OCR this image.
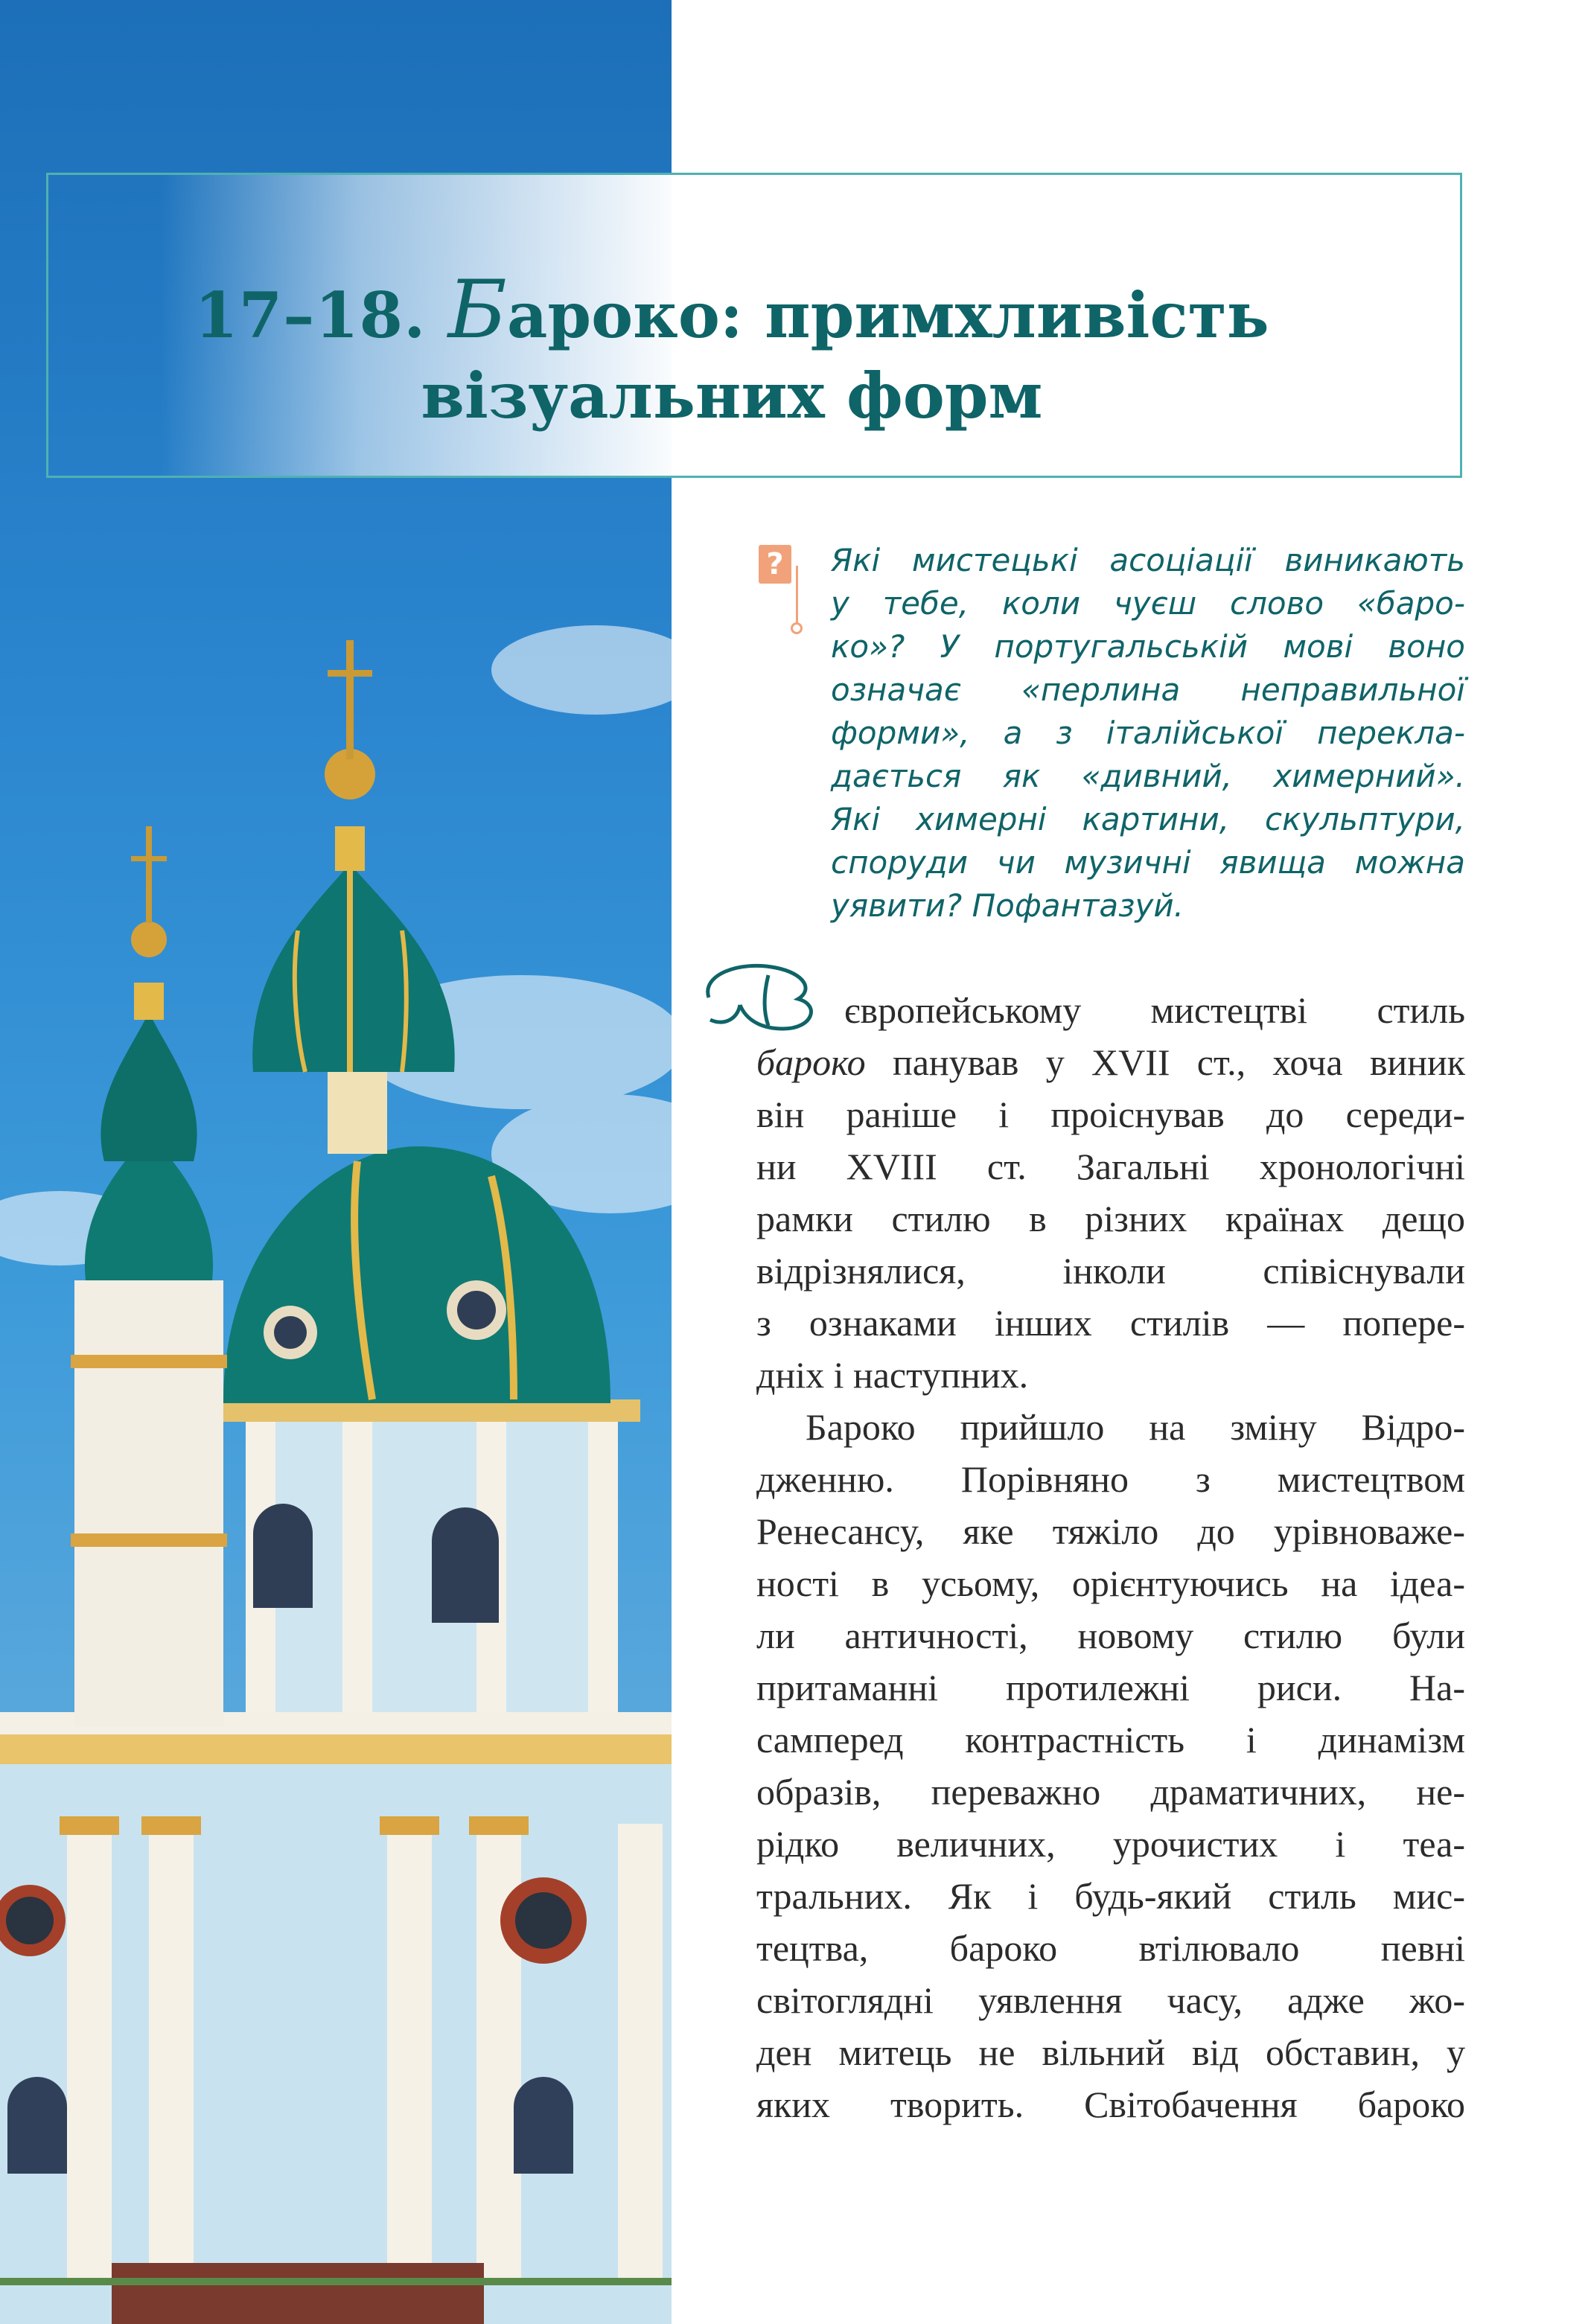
17–18. Бароко: примхливість
візуальних форм
? Які мистецькі асоціації виникають
у тебе, коли чуєш слово «баро-
ко»? У португальській мові воно
означає «перлина неправильної
форми», а з італійської перекла-
дається як «дивний, химерний».
Які химерні картини, скульптури,
споруди чи музичні явища можна
уявити? Пофантазуй.
В	європейському мистецтві стиль
бароко панував у XVII ст., хоча виник
він раніше і проіснував до середи-
ни XVIII ст. Загальні хронологічні
рамки стилю в різних країнах дещо
відрізнялися, інколи співіснували
з ознаками інших стилів — попере-
дніх і наступних.
Бароко прийшло на зміну Відро-
дженню. Порівняно з мистецтвом
Ренесансу, яке тяжіло до урівноваже-
ності в усьому, орієнтуючись на ідеа-
ли античності, новому стилю були
притаманні протилежні риси. На-
самперед контрастність і динамізм
образів, переважно драматичних, не-
рідко величних, урочистих і теа-
тральних. Як і будь-який стиль мис-
тецтва, бароко втілювало певні
світоглядні уявлення часу, адже жо-
ден митець не вільний від обставин, у
яких творить. Світобачення бароко
